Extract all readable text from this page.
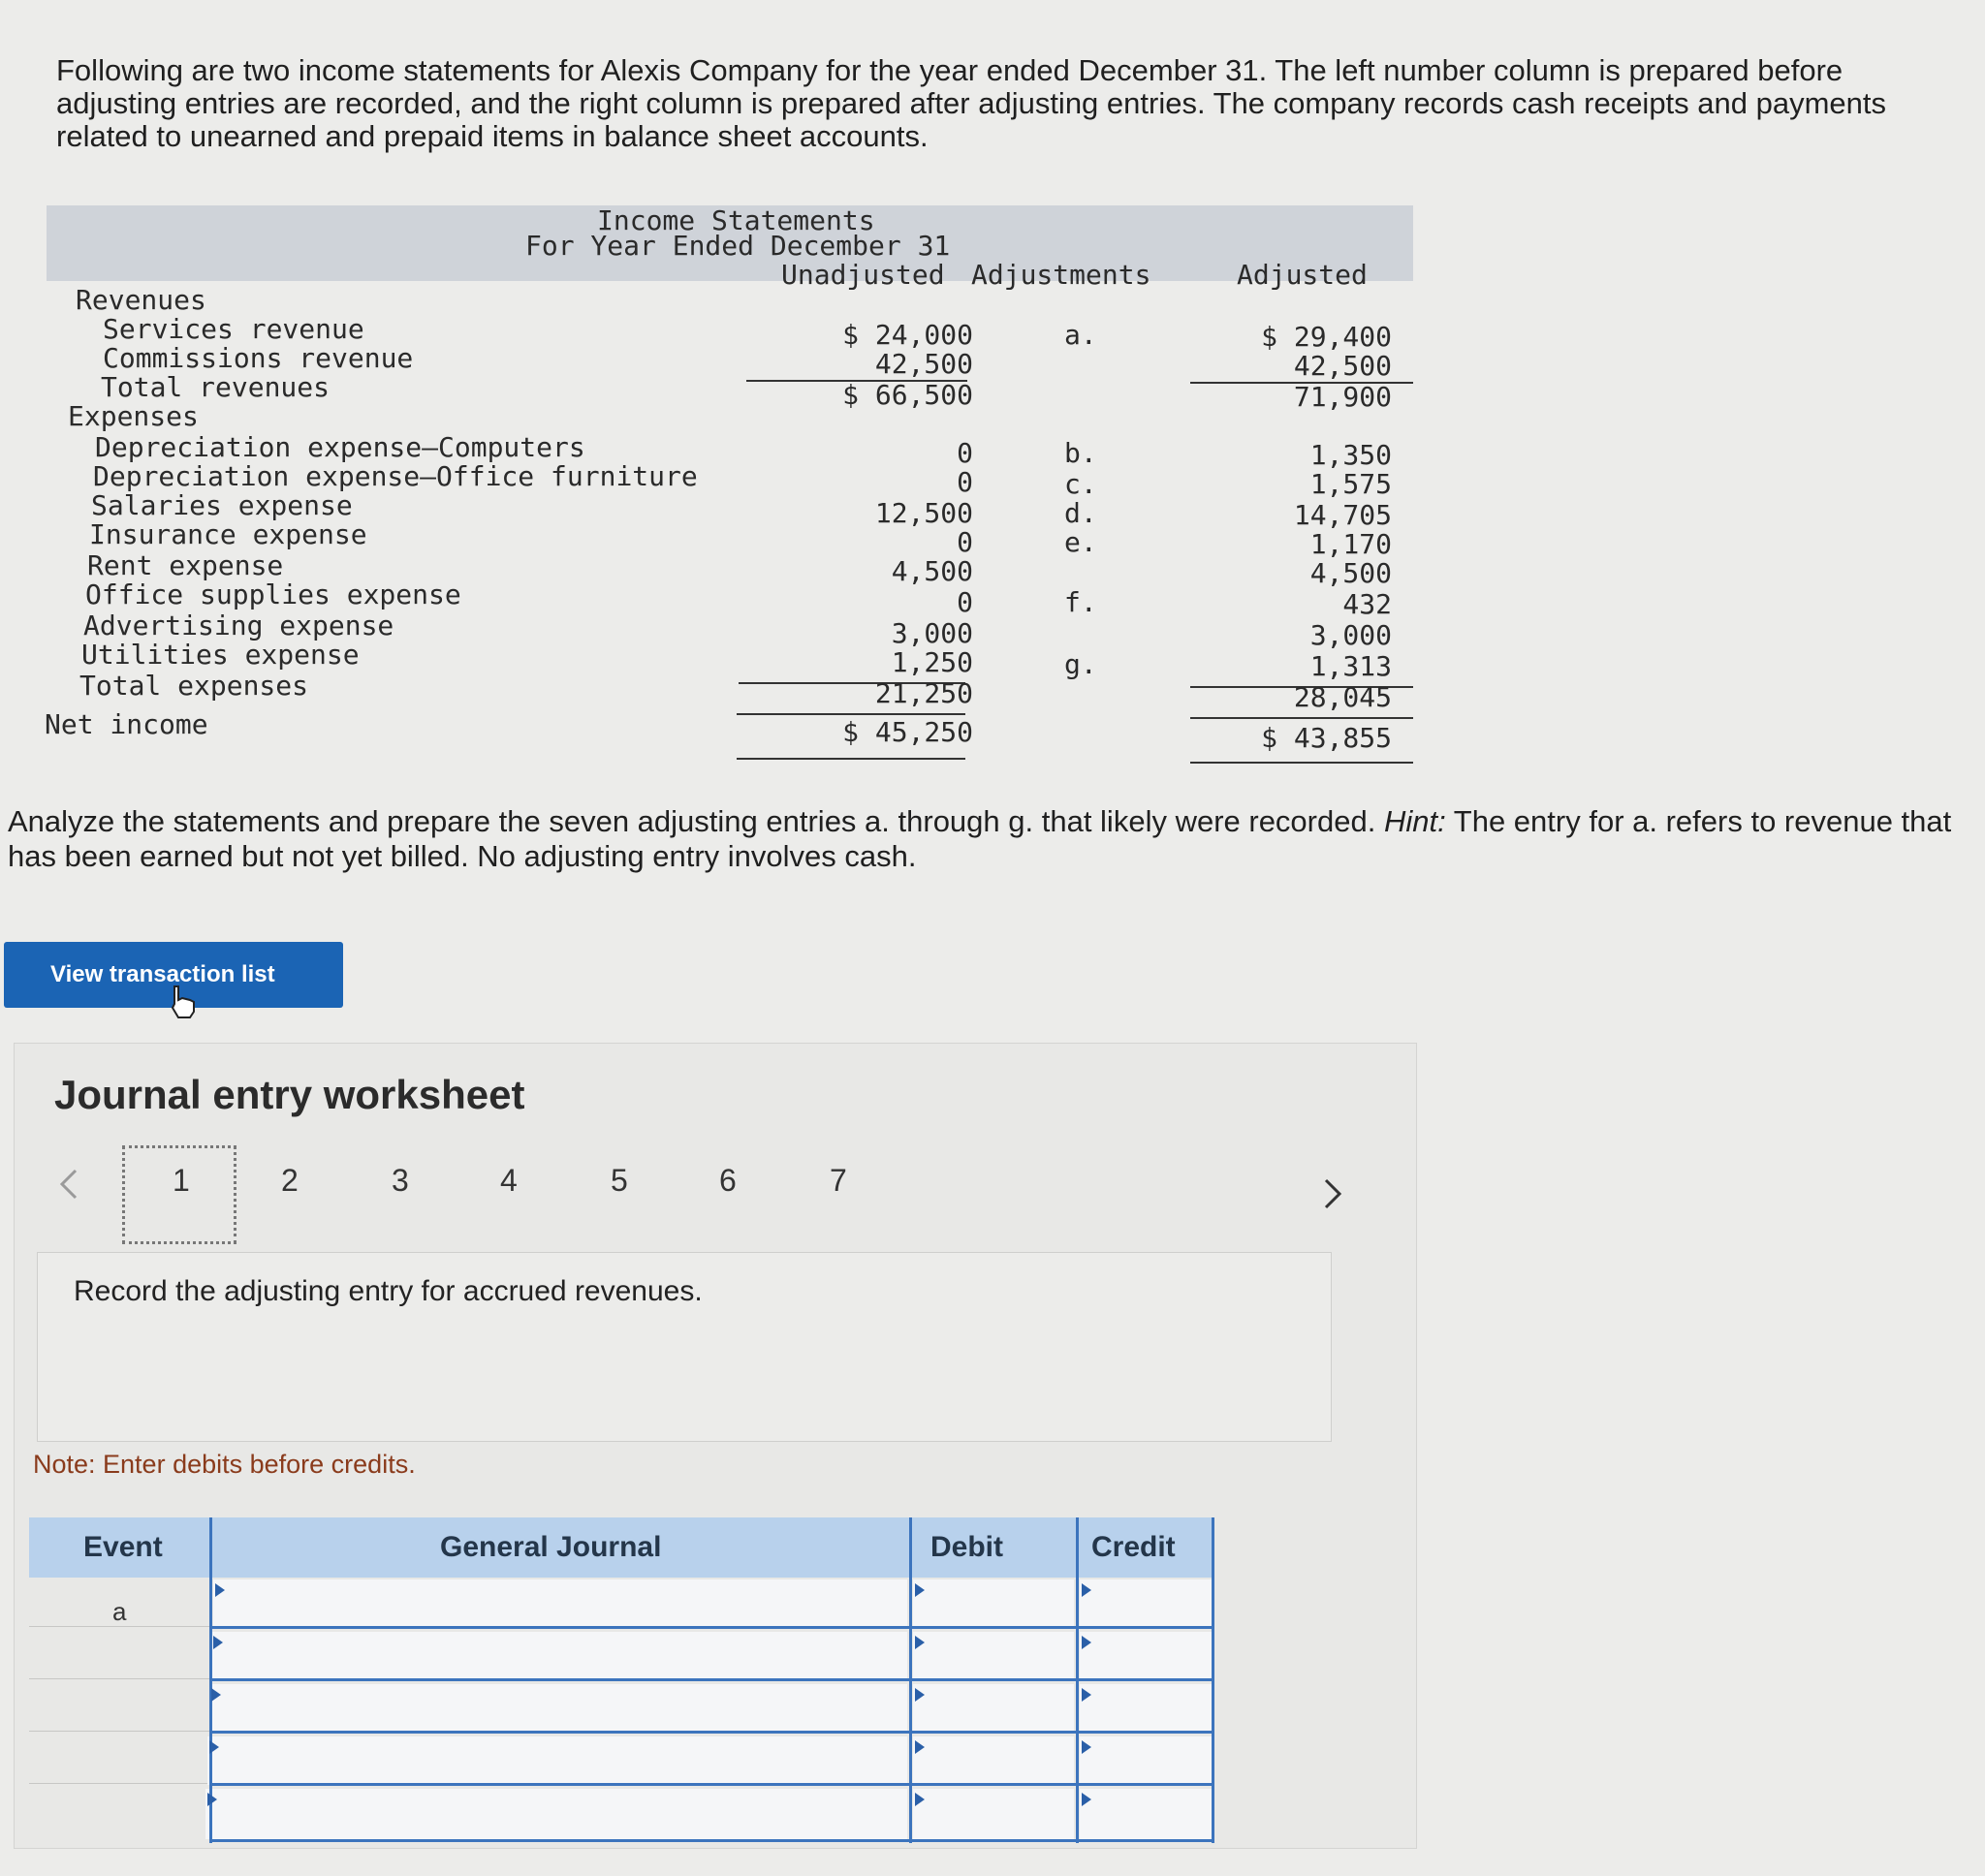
Following are two income statements for Alexis Company for the year ended December 31. The left number column is prepared before adjusting entries are recorded, and the right column is prepared after adjusting entries. The company records cash receipts and payments related to unearned and prepaid items in balance sheet accounts.
Income Statements
For Year Ended December 31
Unadjusted Adjustments	Adjusted
Revenues
Services revenue	$ 24,000	a.	$ 29,400
Commissions revenue	42,500	42,500
Total revenues	$ 66,500	71,900
Expenses
Depreciation expense—Computers	0	b.	1,350
Depreciation expense—Office furniture	0	c.	1,575
Salaries expense	12,500	d.	14,705
Insurance expense	0	e.	1,170
Rent expense	4,500	4,500
Office supplies expense	0	f.	432
Advertising expense	3,000	3,000
Utilities expense	1,250	g.	1,313
Total expenses	21,250	28,045
Net income	$ 45,250	$ 43,855
Analyze the statements and prepare the seven adjusting entries a. through g. that likely were recorded. Hint: The entry for a. refers to revenue that has been earned but not yet billed. No adjusting entry involves cash.
View transaction list
Journal entry worksheet
1	2	3	4	5	6	7
Record the adjusting entry for accrued revenues.
Note: Enter debits before credits.
Event	General Journal	Debit	Credit
a
